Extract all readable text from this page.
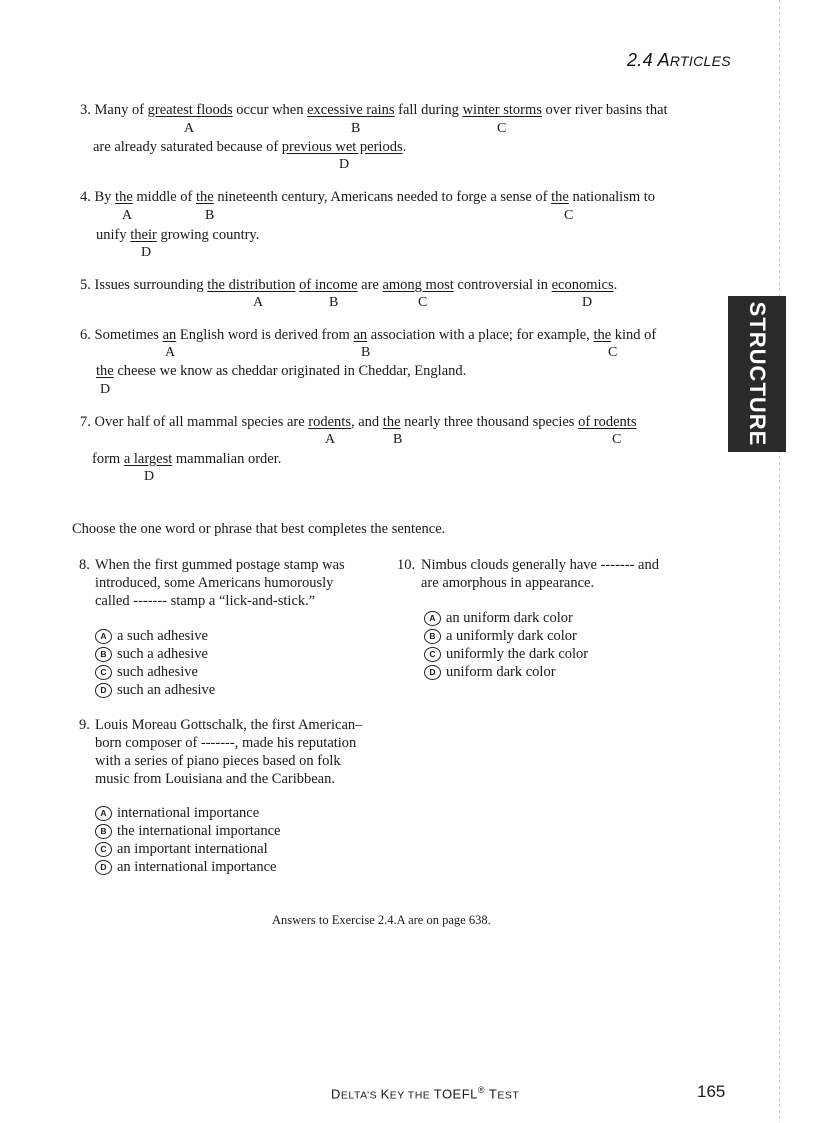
2.4 ARTICLES
STRUCTURE
3. Many of greatest floods occur when excessive rains fall during winter storms over river basins that
A	B	C
are already saturated because of previous wet periods.
D
4. By the middle of the nineteenth century, Americans needed to forge a sense of the nationalism to
A	B	C
unify their growing country.
D
5. Issues surrounding the distribution of income are among most controversial in economics.
A	B	C	D
6. Sometimes an English word is derived from an association with a place; for example, the kind of
A	B	C
the cheese we know as cheddar originated in Cheddar, England.
D
7. Over half of all mammal species are rodents, and the nearly three thousand species of rodents
A	B	C
form a largest mammalian order.
D
Choose the one word or phrase that best completes the sentence.
8. When the first gummed postage stamp was
introduced, some Americans humorously
called ------- stamp a “lick-and-stick.”
A a such adhesive
B such a adhesive
C such adhesive
D such an adhesive
9. Louis Moreau Gottschalk, the first American–
born composer of -------, made his reputation
with a series of piano pieces based on folk
music from Louisiana and the Caribbean.
A international importance
B the international importance
C an important international
D an international importance
10. Nimbus clouds generally have ------- and
are amorphous in appearance.
A an uniform dark color
B a uniformly dark color
C uniformly the dark color
D uniform dark color
Answers to Exercise 2.4.A are on page 638.
DELTA’S KEY THE TOEFL® TEST	165
